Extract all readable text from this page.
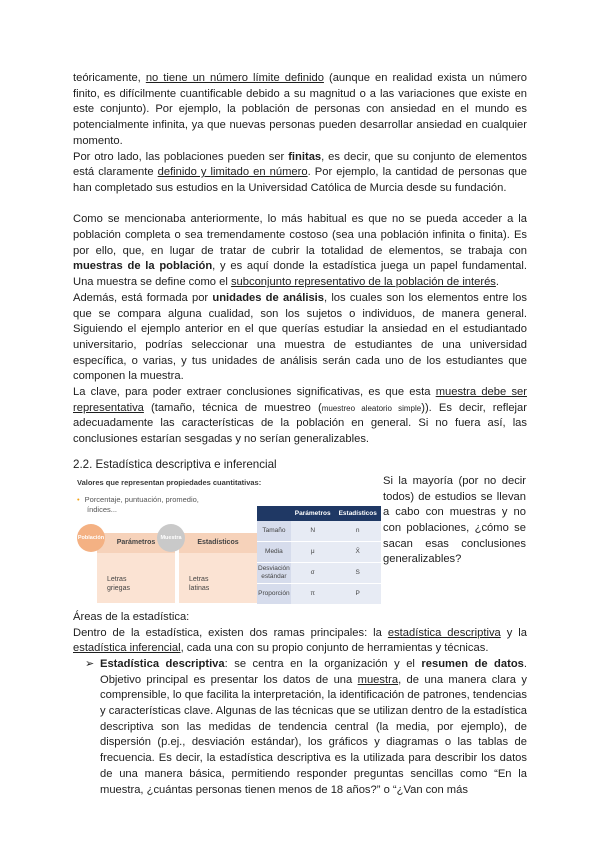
teóricamente, no tiene un número límite definido (aunque en realidad exista un número finito, es difícilmente cuantificable debido a su magnitud o a las variaciones que existe en este conjunto). Por ejemplo, la población de personas con ansiedad en el mundo es potencialmente infinita, ya que nuevas personas pueden desarrollar ansiedad en cualquier momento.

Por otro lado, las poblaciones pueden ser finitas, es decir, que su conjunto de elementos está claramente definido y limitado en número. Por ejemplo, la cantidad de personas que han completado sus estudios en la Universidad Católica de Murcia desde su fundación.

Como se mencionaba anteriormente, lo más habitual es que no se pueda acceder a la población completa o sea tremendamente costoso (sea una población infinita o finita). Es por ello, que, en lugar de tratar de cubrir la totalidad de elementos, se trabaja con muestras de la población, y es aquí donde la estadística juega un papel fundamental. Una muestra se define como el subconjunto representativo de la población de interés.

Además, está formada por unidades de análisis, los cuales son los elementos entre los que se compara alguna cualidad, son los sujetos o individuos, de manera general. Siguiendo el ejemplo anterior en el que querías estudiar la ansiedad en el estudiantado universitario, podrías seleccionar una muestra de estudiantes de una universidad específica, o varias, y tus unidades de análisis serán cada uno de los estudiantes que componen la muestra.

La clave, para poder extraer conclusiones significativas, es que esta muestra debe ser representativa (tamaño, técnica de muestreo (muestreo aleatorio simple)). Es decir, reflejar adecuadamente las características de la población en general. Si no fuera así, las conclusiones estarían sesgadas y no serían generalizables.

2.2. Estadística descriptiva e inferencial
Valores que representan propiedades cuantitativas:
• Porcentaje, puntuación, promedio,
índices...
Parámetros
Letras
griegas
Población
Estadísticos
Letras
latinas
Muestra
	Parámetros	Estadísticos
Tamaño	N	n
Media	μ	X̄
Desviación estándar	σ	S
Proporción	π	P

Si la mayoría (por no decir todos) de estudios se llevan a cabo con muestras y no con poblaciones, ¿cómo se sacan esas conclusiones generalizables?

Áreas de la estadística:

Dentro de la estadística, existen dos ramas principales: la estadística descriptiva y la estadística inferencial, cada una con su propio conjunto de herramientas y técnicas.

➢ Estadística descriptiva: se centra en la organización y el resumen de datos. Objetivo principal es presentar los datos de una muestra, de una manera clara y comprensible, lo que facilita la interpretación, la identificación de patrones, tendencias y características clave. Algunas de las técnicas que se utilizan dentro de la estadística descriptiva son las medidas de tendencia central (la media, por ejemplo), de dispersión (p.ej., desviación estándar), los gráficos y diagramas o las tablas de frecuencia. Es decir, la estadística descriptiva es la utilizada para describir los datos de una manera básica, permitiendo responder preguntas sencillas como “En la muestra, ¿cuántas personas tienen menos de 18 años?” o “¿Van con más
